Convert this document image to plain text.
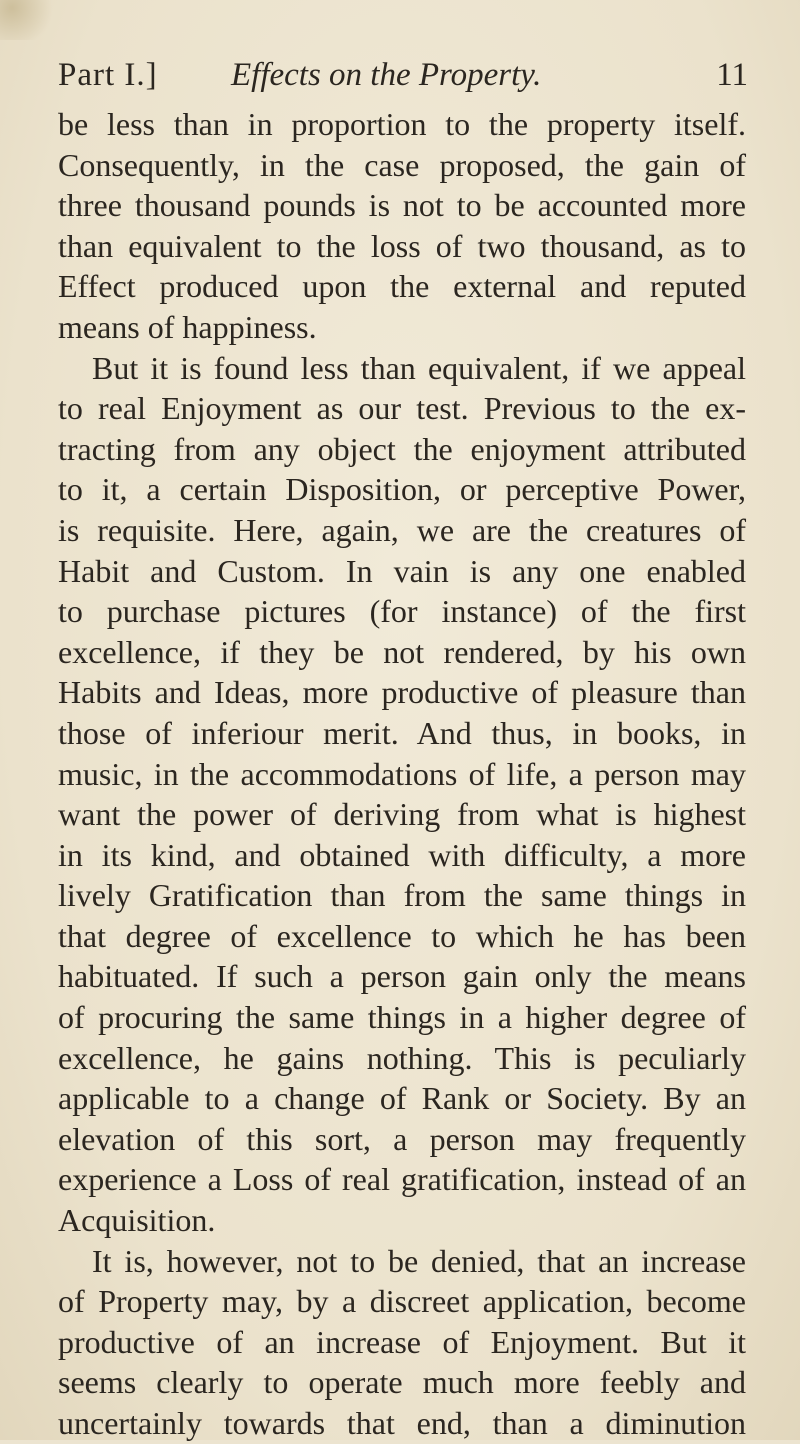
Part I.] Effects on the Property.	11
be less than in proportion to the property itself.
Consequently, in the case proposed, the gain of
three thousand pounds is not to be accounted more
than equivalent to the loss of two thousand, as to
Effect produced upon the external and reputed
means of happiness.
But it is found less than equivalent, if we appeal
to real Enjoyment as our test. Previous to the ex-
tracting from any object the enjoyment attributed
to it, a certain Disposition, or perceptive Power,
is requisite. Here, again, we are the creatures of
Habit and Custom. In vain is any one enabled
to purchase pictures (for instance) of the first
excellence, if they be not rendered, by his own
Habits and Ideas, more productive of pleasure than
those of inferiour merit. And thus, in books, in
music, in the accommodations of life, a person may
want the power of deriving from what is highest
in its kind, and obtained with difficulty, a more
lively Gratification than from the same things in
that degree of excellence to which he has been
habituated. If such a person gain only the means
of procuring the same things in a higher degree of
excellence, he gains nothing. This is peculiarly
applicable to a change of Rank or Society. By an
elevation of this sort, a person may frequently
experience a Loss of real gratification, instead of an
Acquisition.
It is, however, not to be denied, that an increase
of Property may, by a discreet application, become
productive of an increase of Enjoyment. But it
seems clearly to operate much more feebly and
uncertainly towards that end, than a diminution
